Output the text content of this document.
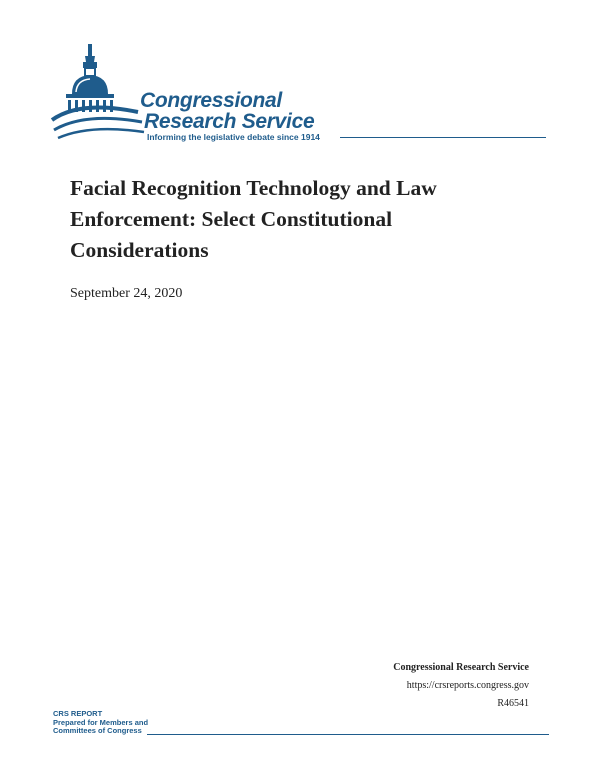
Congressional
Research Service
Informing the legislative debate since 1914
Facial Recognition Technology and Law Enforcement: Select Constitutional Considerations
September 24, 2020
Congressional Research Service
https://crsreports.congress.gov
R46541
CRS REPORT
Prepared for Members and
Committees of Congress
